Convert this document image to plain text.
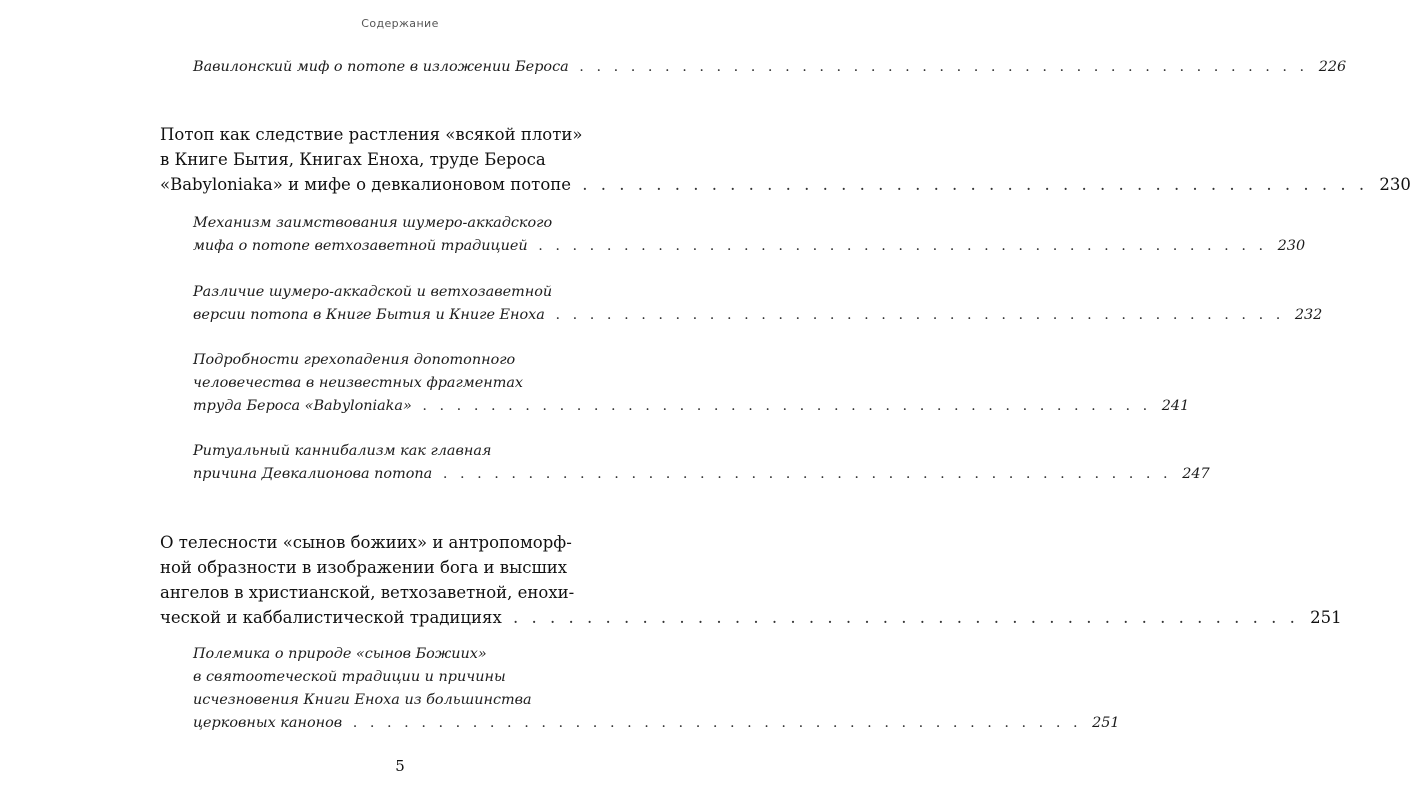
Содержание
Вавилонский миф о потопе в изложении Бероса . . . . . . . . . . . . . . . . . . . . . . . . . . . . . . . . . . . . . . . . . . . 226
Потоп как следствие растления «всякой плоти»
в Книге Бытия, Книгах Еноха, труде Бероса
«Babyloniaka» и мифе о девкалионовом потопе . . . . . . . . . . . . . . . . . . . . . . . . . . . . . . . . . . . . . . . . . . . 230
Механизм заимствования шумеро-аккадского
мифа о потопе ветхозаветной традицией . . . . . . . . . . . . . . . . . . . . . . . . . . . . . . . . . . . . . . . . . . . 230
Различие шумеро-аккадской и ветхозаветной
версии потопа в Книге Бытия и Книге Еноха . . . . . . . . . . . . . . . . . . . . . . . . . . . . . . . . . . . . . . . . . . . 232
Подробности грехопадения допотопного
человечества в неизвестных фрагментах
труда Бероса «Babyloniaka» . . . . . . . . . . . . . . . . . . . . . . . . . . . . . . . . . . . . . . . . . . . 241
Ритуальный каннибализм как главная
причина Девкалионова потопа . . . . . . . . . . . . . . . . . . . . . . . . . . . . . . . . . . . . . . . . . . . 247
О телесности «сынов божиих» и антропоморф-
ной образности в изображении бога и высших
ангелов в христианской, ветхозаветной, енохи-
ческой и каббалистической традициях . . . . . . . . . . . . . . . . . . . . . . . . . . . . . . . . . . . . . . . . . . . 251
Полемика о природе «сынов Божиих»
в святоотеческой традиции и причины
исчезновения Книги Еноха из большинства
церковных канонов . . . . . . . . . . . . . . . . . . . . . . . . . . . . . . . . . . . . . . . . . . . 251
5
